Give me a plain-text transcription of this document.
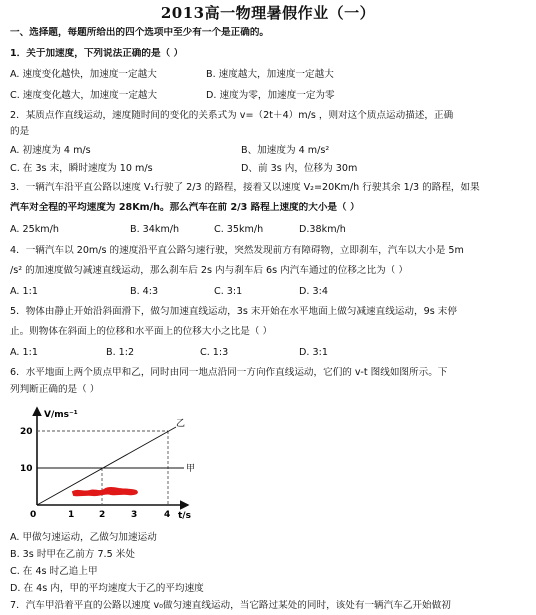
2013高一物理暑假作业（一）
一、选择题，每题所给出的四个选项中至少有一个是正确的。
1．关于加速度，下列说法正确的是（ ）
A. 速度变化越快，加速度一定越大	B. 速度越大，加速度一定越大
C. 速度变化越大，加速度一定越大	D. 速度为零，加速度一定为零
2．某质点作直线运动，速度随时间的变化的关系式为 v=（2t＋4）m/s ，则对这个质点运动描述，正确
的是
A. 初速度为 4 m/s	B、加速度为 4 m/s²
C. 在 3s 末，瞬时速度为 10 m/s	D、前 3s 内，位移为 30m
3．一辆汽车沿平直公路以速度 V₁行驶了 2/3 的路程，接着又以速度 V₂=20Km/h 行驶其余 1/3 的路程，如果
汽车对全程的平均速度为 28Km/h。那么汽车在前 2/3 路程上速度的大小是（ ）
A. 25km/h	B. 34km/h	C. 35km/h	D.38km/h
4．一辆汽车以 20m/s 的速度沿平直公路匀速行驶，突然发现前方有障碍物，立即刹车，汽车以大小是 5m
/s² 的加速度做匀减速直线运动，那么刹车后 2s 内与刹车后 6s 内汽车通过的位移之比为（ ）
A. 1:1	B. 4:3	C. 3:1	D. 3:4
5．物体由静止开始沿斜面滑下，做匀加速直线运动，3s 末开始在水平地面上做匀减速直线运动，9s 末停
止。则物体在斜面上的位移和水平面上的位移大小之比是（ ）
A. 1:1	B. 1:2	C. 1:3	D. 3:1
6．水平地面上两个质点甲和乙，同时由同一地点沿同一方向作直线运动，它们的 v-t 图线如图所示。下
列判断正确的是（ ）
V/ms⁻¹
t/s
0
20
10
1	2	3	4
甲
乙
A. 甲做匀速运动，乙做匀加速运动
B. 3s 时甲在乙前方 7.5 米处
C. 在 4s 时乙追上甲
D. 在 4s 内，甲的平均速度大于乙的平均速度
7．汽车甲沿着平直的公路以速度 v₀做匀速直线运动，当它路过某处的同时，该处有一辆汽车乙开始做初
